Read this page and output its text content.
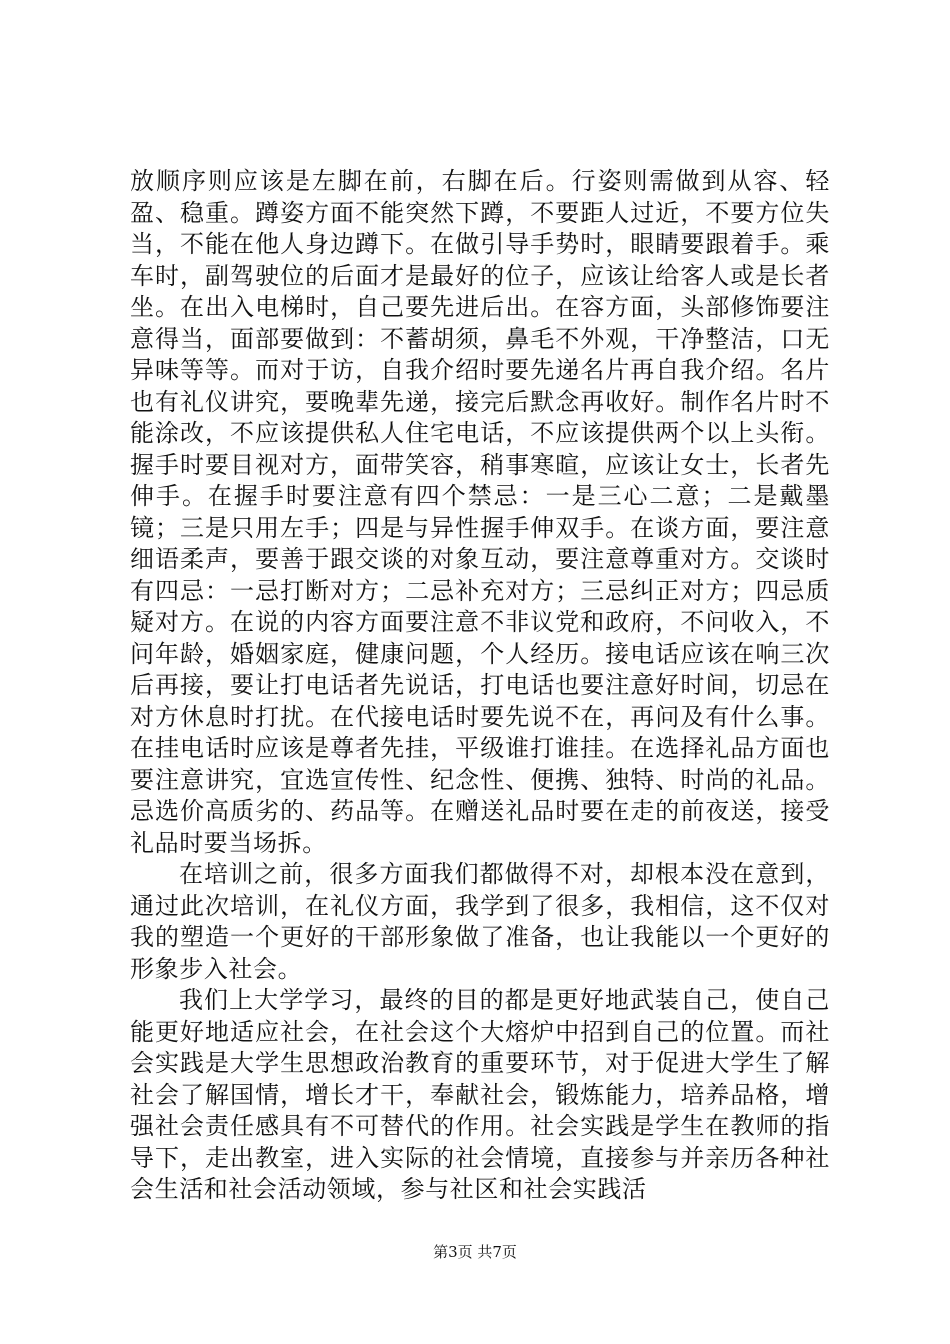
放顺序则应该是左脚在前，右脚在后。行姿则需做到从容、轻盈、稳重。蹲姿方面不能突然下蹲，不要距人过近，不要方位失当，不能在他人身边蹲下。在做引导手势时，眼睛要跟着手。乘车时，副驾驶位的后面才是最好的位子，应该让给客人或是长者坐。在出入电梯时，自己要先进后出。在容方面，头部修饰要注意得当，面部要做到：不蓄胡须，鼻毛不外观，干净整洁，口无异味等等。而对于访，自我介绍时要先递名片再自我介绍。名片也有礼仪讲究，要晚辈先递，接完后默念再收好。制作名片时不能涂改，不应该提供私人住宅电话，不应该提供两个以上头衔。握手时要目视对方，面带笑容，稍事寒暄，应该让女士，长者先伸手。在握手时要注意有四个禁忌：一是三心二意；二是戴墨镜；三是只用左手；四是与异性握手伸双手。在谈方面，要注意细语柔声，要善于跟交谈的对象互动，要注意尊重对方。交谈时有四忌：一忌打断对方；二忌补充对方；三忌纠正对方；四忌质疑对方。在说的内容方面要注意不非议党和政府，不问收入，不问年龄，婚姻家庭，健康问题，个人经历。接电话应该在响三次后再接，要让打电话者先说话，打电话也要注意好时间，切忌在对方休息时打扰。在代接电话时要先说不在，再问及有什么事。在挂电话时应该是尊者先挂，平级谁打谁挂。在选择礼品方面也要注意讲究，宜选宣传性、纪念性、便携、独特、时尚的礼品。忌选价高质劣的、药品等。在赠送礼品时要在走的前夜送，接受礼品时要当场拆。

在培训之前，很多方面我们都做得不对，却根本没在意到，通过此次培训，在礼仪方面，我学到了很多，我相信，这不仅对我的塑造一个更好的干部形象做了准备，也让我能以一个更好的形象步入社会。

我们上大学学习，最终的目的都是更好地武装自己，使自己能更好地适应社会，在社会这个大熔炉中招到自己的位置。而社会实践是大学生思想政治教育的重要环节，对于促进大学生了解社会了解国情，增长才干，奉献社会，锻炼能力，培养品格，增强社会责任感具有不可替代的作用。社会实践是学生在教师的指导下，走出教室，进入实际的社会情境，直接参与并亲历各种社会生活和社会活动领域，参与社区和社会实践活

第3页 共7页
